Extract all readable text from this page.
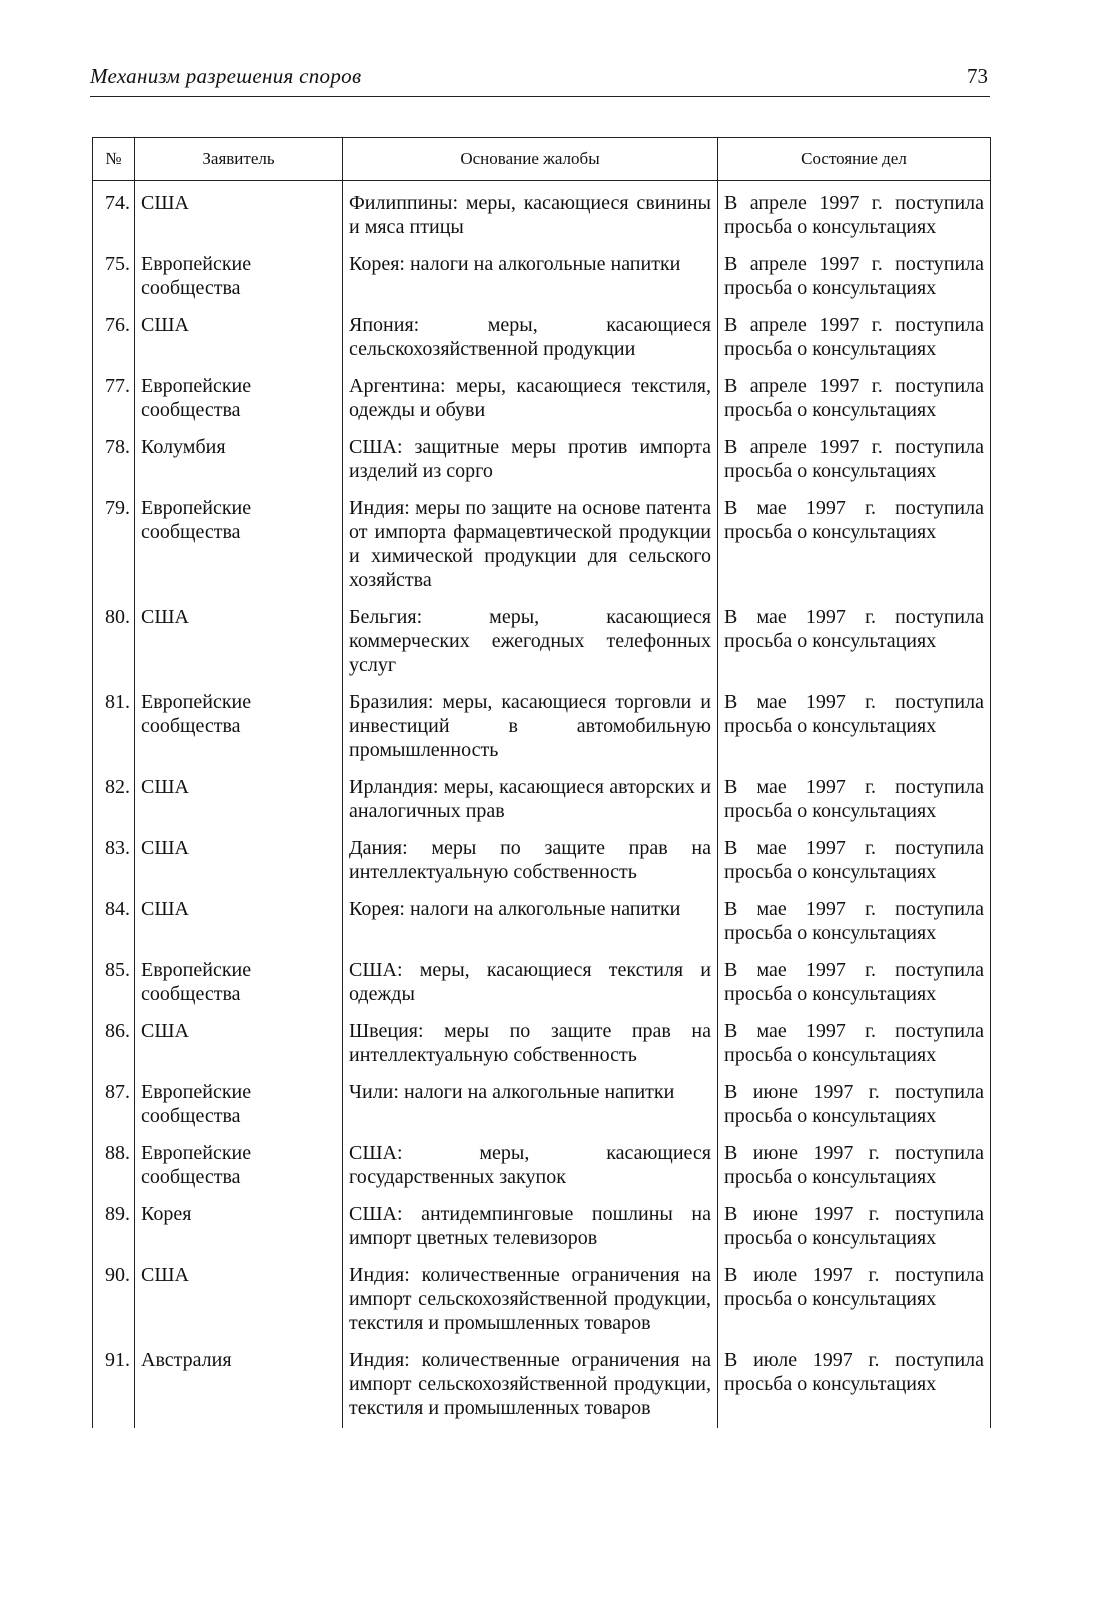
Механизм разрешения споров	73
№	Заявитель	Основание жалобы	Состояние дел
74.	США	Филиппины: меры, касающиеся свинины и мяса птицы	В апреле 1997 г. поступила просьба о консультациях
75.	Европейские сообщества	Корея: налоги на алкогольные напитки	В апреле 1997 г. поступила просьба о консультациях
76.	США	Япония: меры, касающиеся сельскохозяйственной продукции	В апреле 1997 г. поступила просьба о консультациях
77.	Европейские сообщества	Аргентина: меры, касающиеся текстиля, одежды и обуви	В апреле 1997 г. поступила просьба о консультациях
78.	Колумбия	США: защитные меры против импорта изделий из сорго	В апреле 1997 г. поступила просьба о консультациях
79.	Европейские сообщества	Индия: меры по защите на основе патента от импорта фармацевтической продукции и химической продукции для сельского хозяйства	В мае 1997 г. поступила просьба о консультациях
80.	США	Бельгия: меры, касающиеся коммерческих ежегодных телефонных услуг	В мае 1997 г. поступила просьба о консультациях
81.	Европейские сообщества	Бразилия: меры, касающиеся торговли и инвестиций в автомобильную промышленность	В мае 1997 г. поступила просьба о консультациях
82.	США	Ирландия: меры, касающиеся авторских и аналогичных прав	В мае 1997 г. поступила просьба о консультациях
83.	США	Дания: меры по защите прав на интеллектуальную собственность	В мае 1997 г. поступила просьба о консультациях
84.	США	Корея: налоги на алкогольные напитки	В мае 1997 г. поступила просьба о консультациях
85.	Европейские сообщества	США: меры, касающиеся текстиля и одежды	В мае 1997 г. поступила просьба о консультациях
86.	США	Швеция: меры по защите прав на интеллектуальную собственность	В мае 1997 г. поступила просьба о консультациях
87.	Европейские сообщества	Чили: налоги на алкогольные напитки	В июне 1997 г. поступила просьба о консультациях
88.	Европейские сообщества	США: меры, касающиеся государственных закупок	В июне 1997 г. поступила просьба о консультациях
89.	Корея	США: антидемпинговые пошлины на импорт цветных телевизоров	В июне 1997 г. поступила просьба о консультациях
90.	США	Индия: количественные ограничения на импорт сельскохозяйственной продукции, текстиля и промышленных товаров	В июле 1997 г. поступила просьба о консультациях
91.	Австралия	Индия: количественные ограничения на импорт сельскохозяйственной продукции, текстиля и промышленных товаров	В июле 1997 г. поступила просьба о консультациях
